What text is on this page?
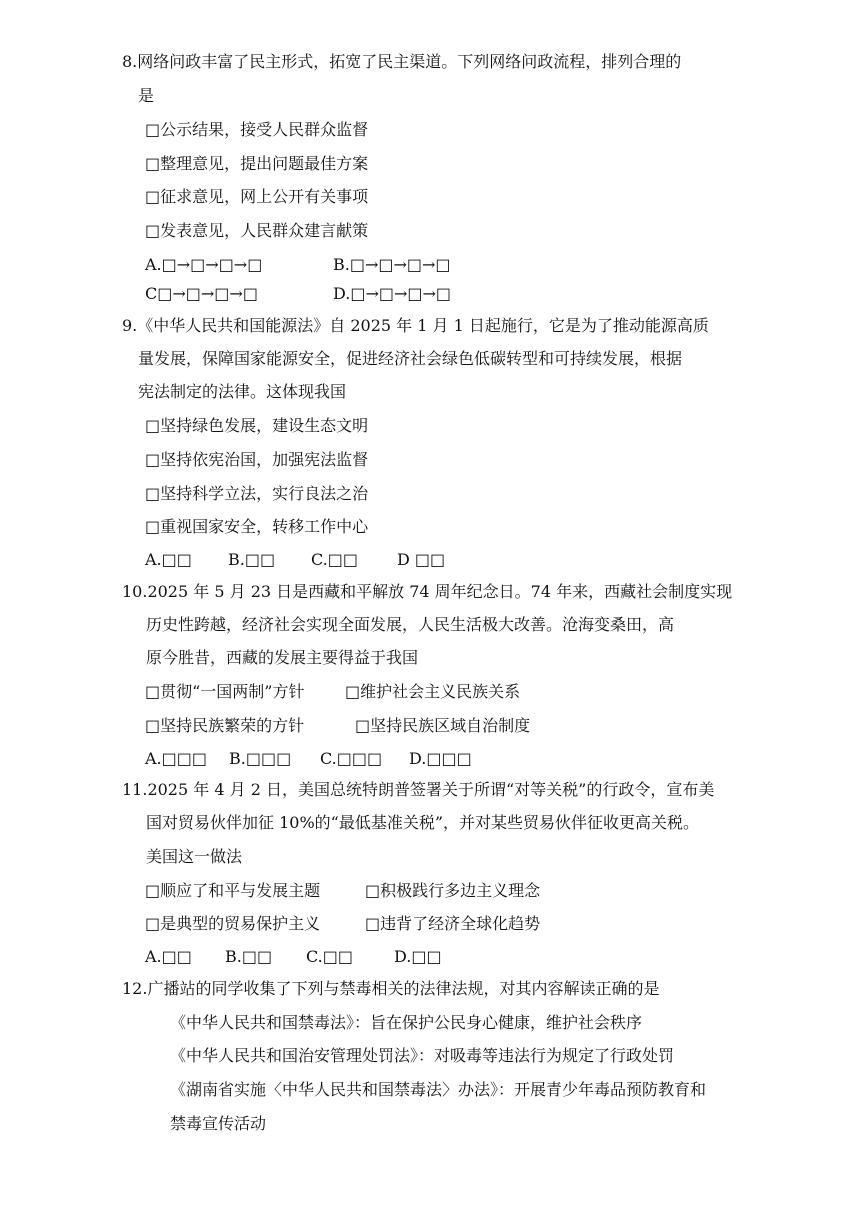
8.网络问政丰富了民主形式，拓宽了民主渠道。下列网络问政流程，排列合理的
是
□公示结果，接受人民群众监督
□整理意见，提出问题最佳方案
□征求意见，网上公开有关事项
□发表意见，人民群众建言献策
A.□→□→□→□	B.□→□→□→□
C□→□→□→□	D.□→□→□→□
9.《中华人民共和国能源法》自 2025 年 1 月 1 日起施行，它是为了推动能源高质
量发展，保障国家能源安全，促进经济社会绿色低碳转型和可持续发展，根据
宪法制定的法律。这体现我国
□坚持绿色发展，建设生态文明
□坚持依宪治国，加强宪法监督
□坚持科学立法，实行良法之治
□重视国家安全，转移工作中心
A.□□ B.□□ C.□□ D □□
10.2025 年 5 月 23 日是西藏和平解放 74 周年纪念日。74 年来，西藏社会制度实现
历史性跨越，经济社会实现全面发展，人民生活极大改善。沧海变桑田，高
原今胜昔，西藏的发展主要得益于我国
□贯彻“一国两制”方针	□维护社会主义民族关系
□坚持民族繁荣的方针	□坚持民族区域自治制度
A.□□□ B.□□□ C.□□□ D.□□□
11.2025 年 4 月 2 日，美国总统特朗普签署关于所谓“对等关税”的行政令，宣布美
国对贸易伙伴加征 10%的“最低基准关税”，并对某些贸易伙伴征收更高关税。
美国这一做法
□顺应了和平与发展主题	□积极践行多边主义理念
□是典型的贸易保护主义	□违背了经济全球化趋势
A.□□ B.□□ C.□□	D.□□
12.广播站的同学收集了下列与禁毒相关的法律法规，对其内容解读正确的是
《中华人民共和国禁毒法》：旨在保护公民身心健康，维护社会秩序
《中华人民共和国治安管理处罚法》：对吸毒等违法行为规定了行政处罚
《湖南省实施〈中华人民共和国禁毒法〉办法》：开展青少年毒品预防教育和
禁毒宣传活动
